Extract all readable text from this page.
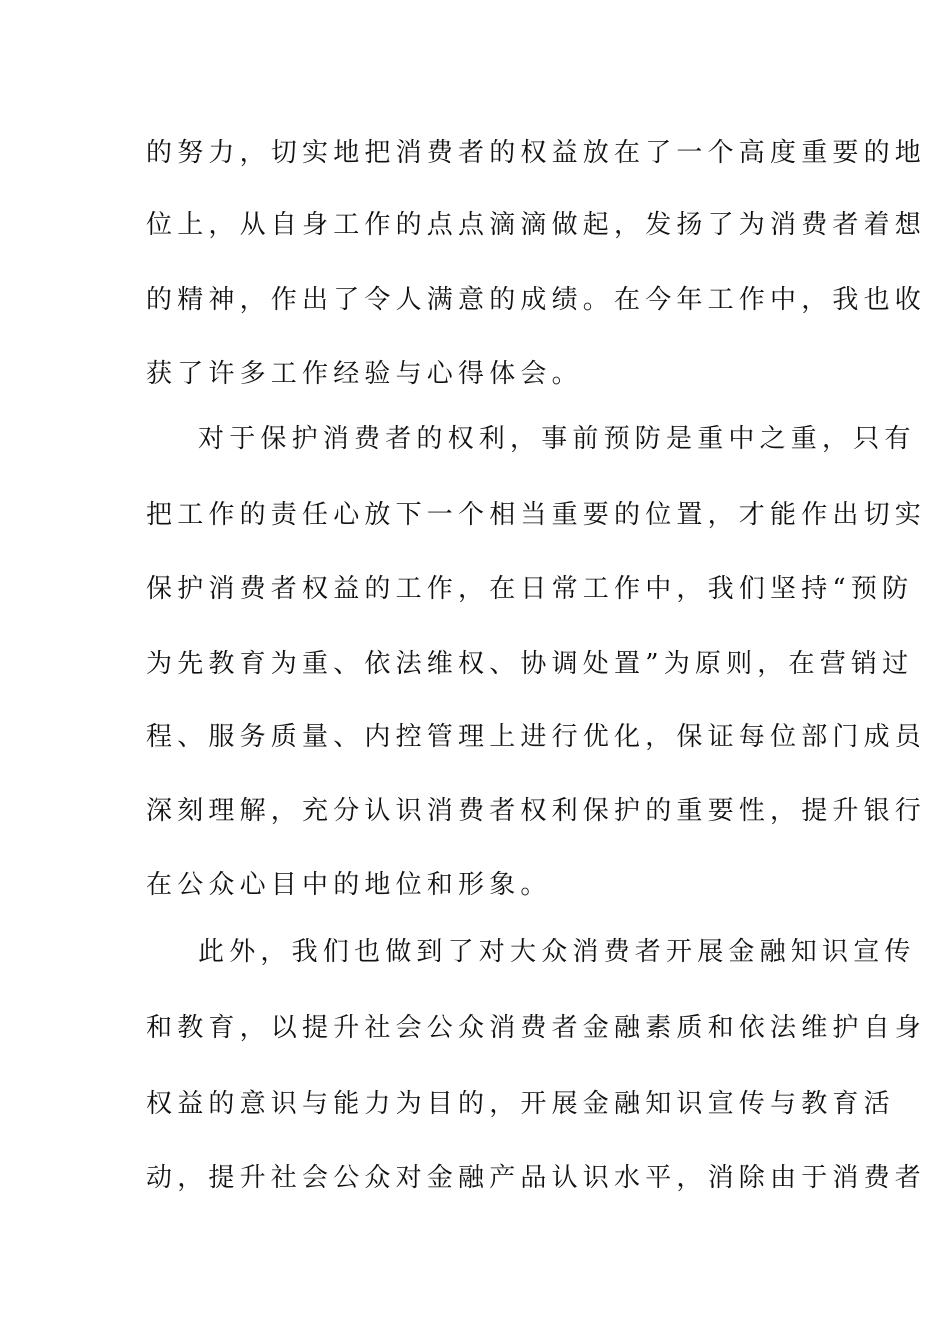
的努力，切实地把消费者的权益放在了一个高度重要的地
位上，从自身工作的点点滴滴做起，发扬了为消费者着想
的精神，作出了令人满意的成绩。在今年工作中，我也收
获了许多工作经验与心得体会。
对于保护消费者的权利，事前预防是重中之重，只有
把工作的责任心放下一个相当重要的位置，才能作出切实
保护消费者权益的工作，在日常工作中，我们坚持“预防
为先教育为重、依法维权、协调处置”为原则，在营销过
程、服务质量、内控管理上进行优化，保证每位部门成员
深刻理解，充分认识消费者权利保护的重要性，提升银行
在公众心目中的地位和形象。
此外，我们也做到了对大众消费者开展金融知识宣传
和教育，以提升社会公众消费者金融素质和依法维护自身
权益的意识与能力为目的，开展金融知识宣传与教育活
动，提升社会公众对金融产品认识水平，消除由于消费者
